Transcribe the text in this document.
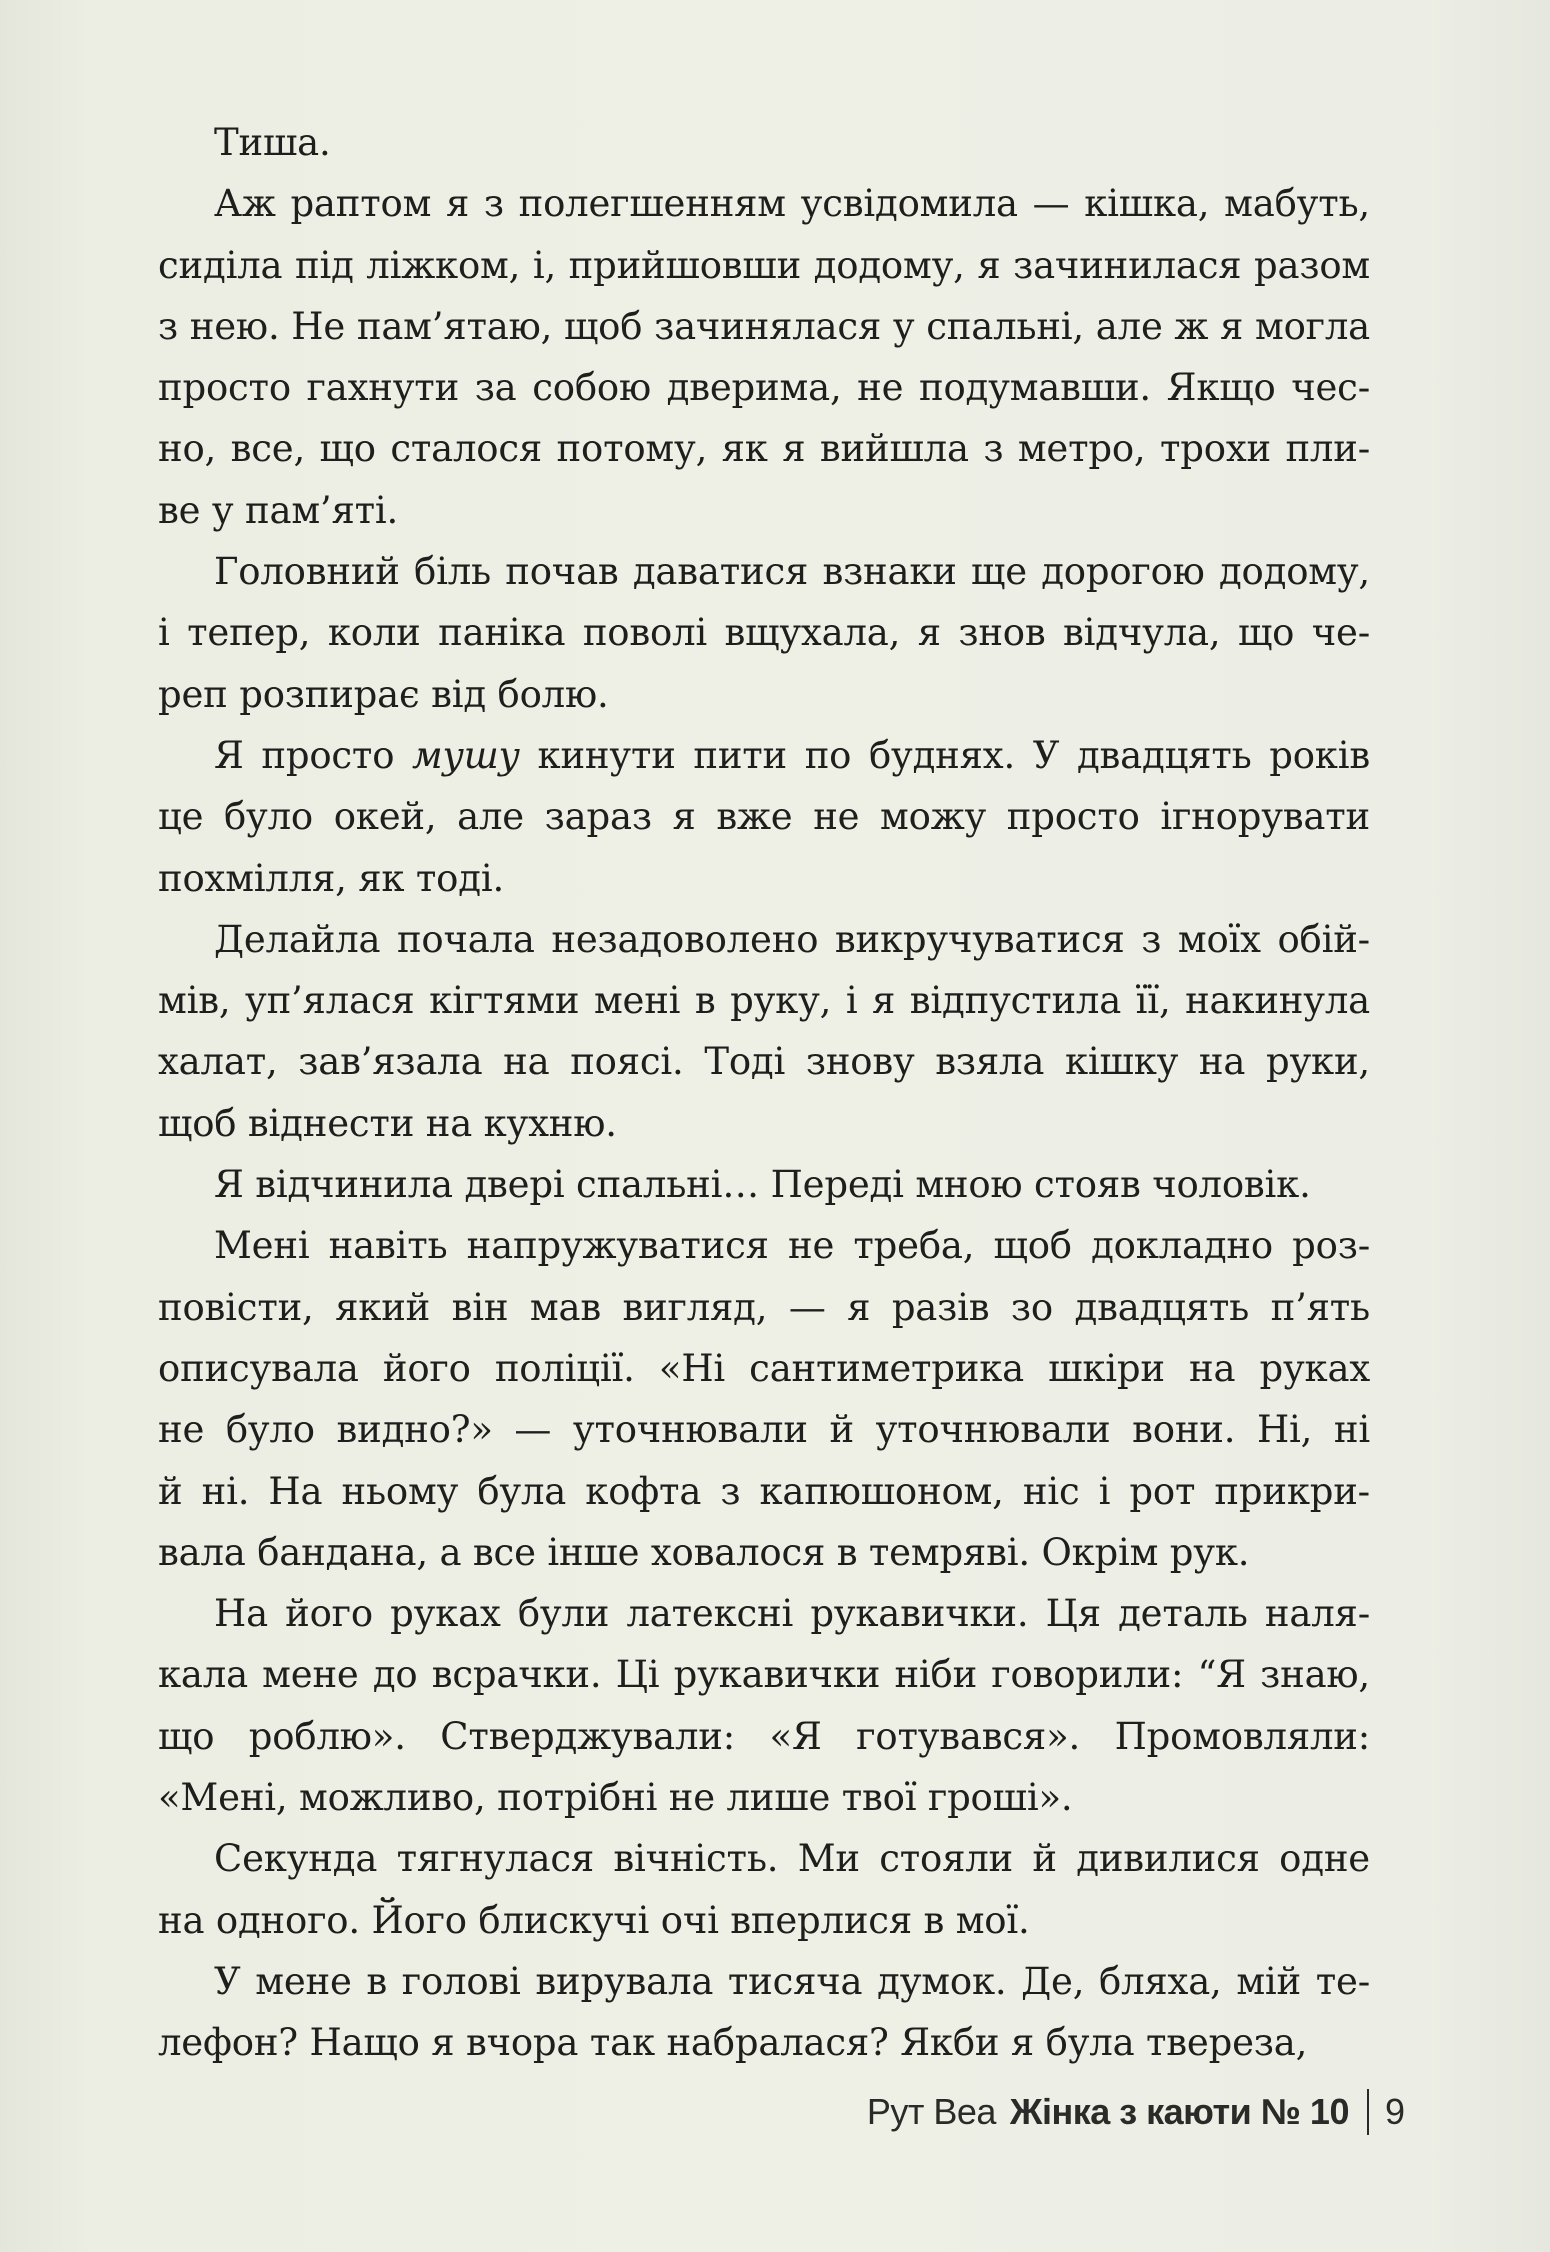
Тиша.
Аж раптом я з полегшенням усвідомила — кішка, мабуть,
сиділа під ліжком, і, прийшовши додому, я зачинилася разом
з нею. Не пам’ятаю, щоб зачинялася у спальні, але ж я могла
просто гахнути за собою дверима, не подумавши. Якщо чес-
но, все, що сталося потому, як я вийшла з метро, трохи пли-
ве у пам’яті.
Головний біль почав даватися взнаки ще дорогою додому,
і тепер, коли паніка поволі вщухала, я знов відчула, що че-
реп розпирає від болю.
Я просто мушу кинути пити по буднях. У двадцять років
це було окей, але зараз я вже не можу просто ігнорувати
похмілля, як тоді.
Делайла почала незадоволено викручуватися з моїх обій-
мів, уп’ялася кігтями мені в руку, і я відпустила її, накинула
халат, зав’язала на поясі. Тоді знову взяла кішку на руки,
щоб віднести на кухню.
Я відчинила двері спальні… Переді мною стояв чоловік.
Мені навіть напружуватися не треба, щоб докладно роз-
повісти, який він мав вигляд, — я разів зо двадцять п’ять
описувала його поліції. «Ні сантиметрика шкіри на руках
не було видно?» — уточнювали й уточнювали вони. Ні, ні
й ні. На ньому була кофта з капюшоном, ніс і рот прикри-
вала бандана, а все інше ховалося в темряві. Окрім рук.
На його руках були латексні рукавички. Ця деталь наля-
кала мене до всрачки. Ці рукавички ніби говорили: “Я знаю,
що роблю». Стверджували: «Я готувався». Промовляли:
«Мені, можливо, потрібні не лише твої гроші».
Секунда тягнулася вічність. Ми стояли й дивилися одне
на одного. Його блискучі очі вперлися в мої.
У мене в голові вирувала тисяча думок. Де, бляха, мій те-
лефон? Нащо я вчора так набралася? Якби я була твереза,
Рут Веа Жінка з каюти № 10 9
